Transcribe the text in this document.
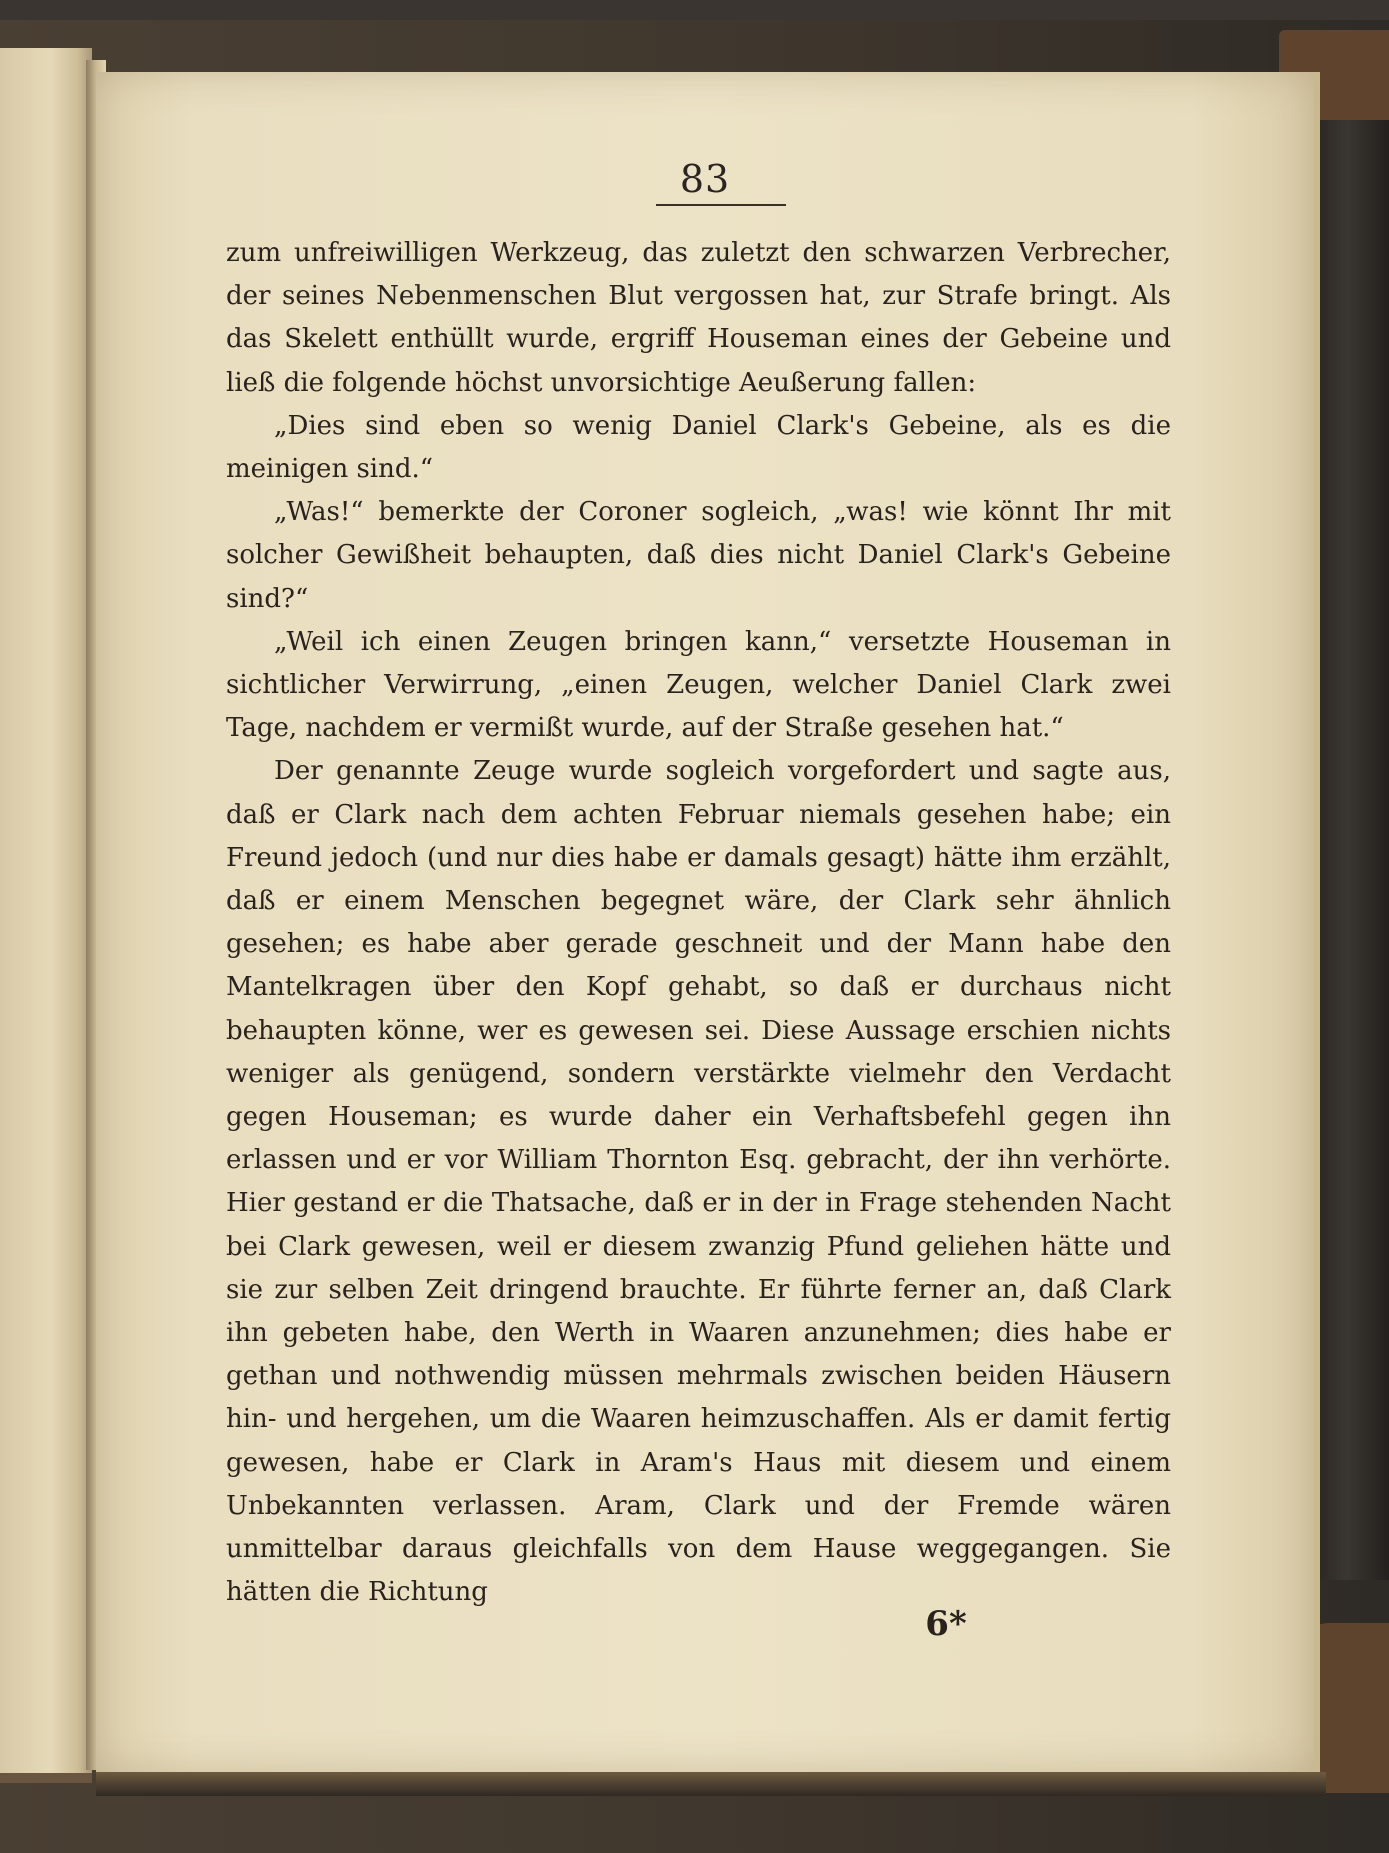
83

zum unfreiwilligen Werkzeug, das zuletzt den schwarzen Verbrecher, der seines Nebenmenschen Blut vergossen hat, zur Strafe bringt. Als das Skelett enthüllt wurde, ergriff Houseman eines der Gebeine und ließ die folgende höchst unvorsichtige Aeußerung fallen:

„Dies sind eben so wenig Daniel Clark's Gebeine, als es die meinigen sind.“

„Was!“ bemerkte der Coroner sogleich, „was! wie könnt Ihr mit solcher Gewißheit behaupten, daß dies nicht Daniel Clark's Gebeine sind?“

„Weil ich einen Zeugen bringen kann,“ versetzte Houseman in sichtlicher Verwirrung, „einen Zeugen, welcher Daniel Clark zwei Tage, nachdem er vermißt wurde, auf der Straße gesehen hat.“

Der genannte Zeuge wurde sogleich vorgefordert und sagte aus, daß er Clark nach dem achten Februar niemals gesehen habe; ein Freund jedoch (und nur dies habe er damals gesagt) hätte ihm erzählt, daß er einem Menschen begegnet wäre, der Clark sehr ähnlich gesehen; es habe aber gerade geschneit und der Mann habe den Mantelkragen über den Kopf gehabt, so daß er durchaus nicht behaupten könne, wer es gewesen sei. Diese Aussage erschien nichts weniger als genügend, sondern verstärkte vielmehr den Verdacht gegen Houseman; es wurde daher ein Verhaftsbefehl gegen ihn erlassen und er vor William Thornton Esq. gebracht, der ihn verhörte. Hier gestand er die Thatsache, daß er in der in Frage stehenden Nacht bei Clark gewesen, weil er diesem zwanzig Pfund geliehen hätte und sie zur selben Zeit dringend brauchte. Er führte ferner an, daß Clark ihn gebeten habe, den Werth in Waaren anzunehmen; dies habe er gethan und nothwendig müssen mehrmals zwischen beiden Häusern hin- und hergehen, um die Waaren heimzuschaffen. Als er damit fertig gewesen, habe er Clark in Aram's Haus mit diesem und einem Unbekannten verlassen. Aram, Clark und der Fremde wären unmittelbar daraus gleichfalls von dem Hause weggegangen. Sie hätten die Richtung

6*
